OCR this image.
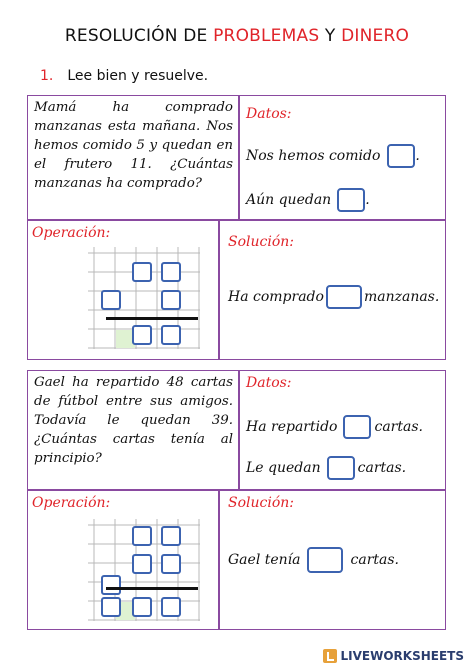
RESOLUCIÓN DE PROBLEMAS Y DINERO
1. Lee bien y resuelve.

Mamá ha comprado manzanas esta mañana. Nos hemos comido 5 y quedan en el frutero 11. ¿Cuántas manzanas ha comprado?

Datos:
Nos hemos comido	.
Aún quedan .
Operación:
Solución:
Ha comprado	manzanas.

Gael ha repartido 48 cartas de fútbol entre sus amigos. Todavía le quedan 39. ¿Cuántas cartas tenía al principio?

Datos:
Ha repartido	cartas.
Le quedan	cartas.
Operación:	Solución:
Gael tenía	cartas.
LIVEWORKSHEETS
